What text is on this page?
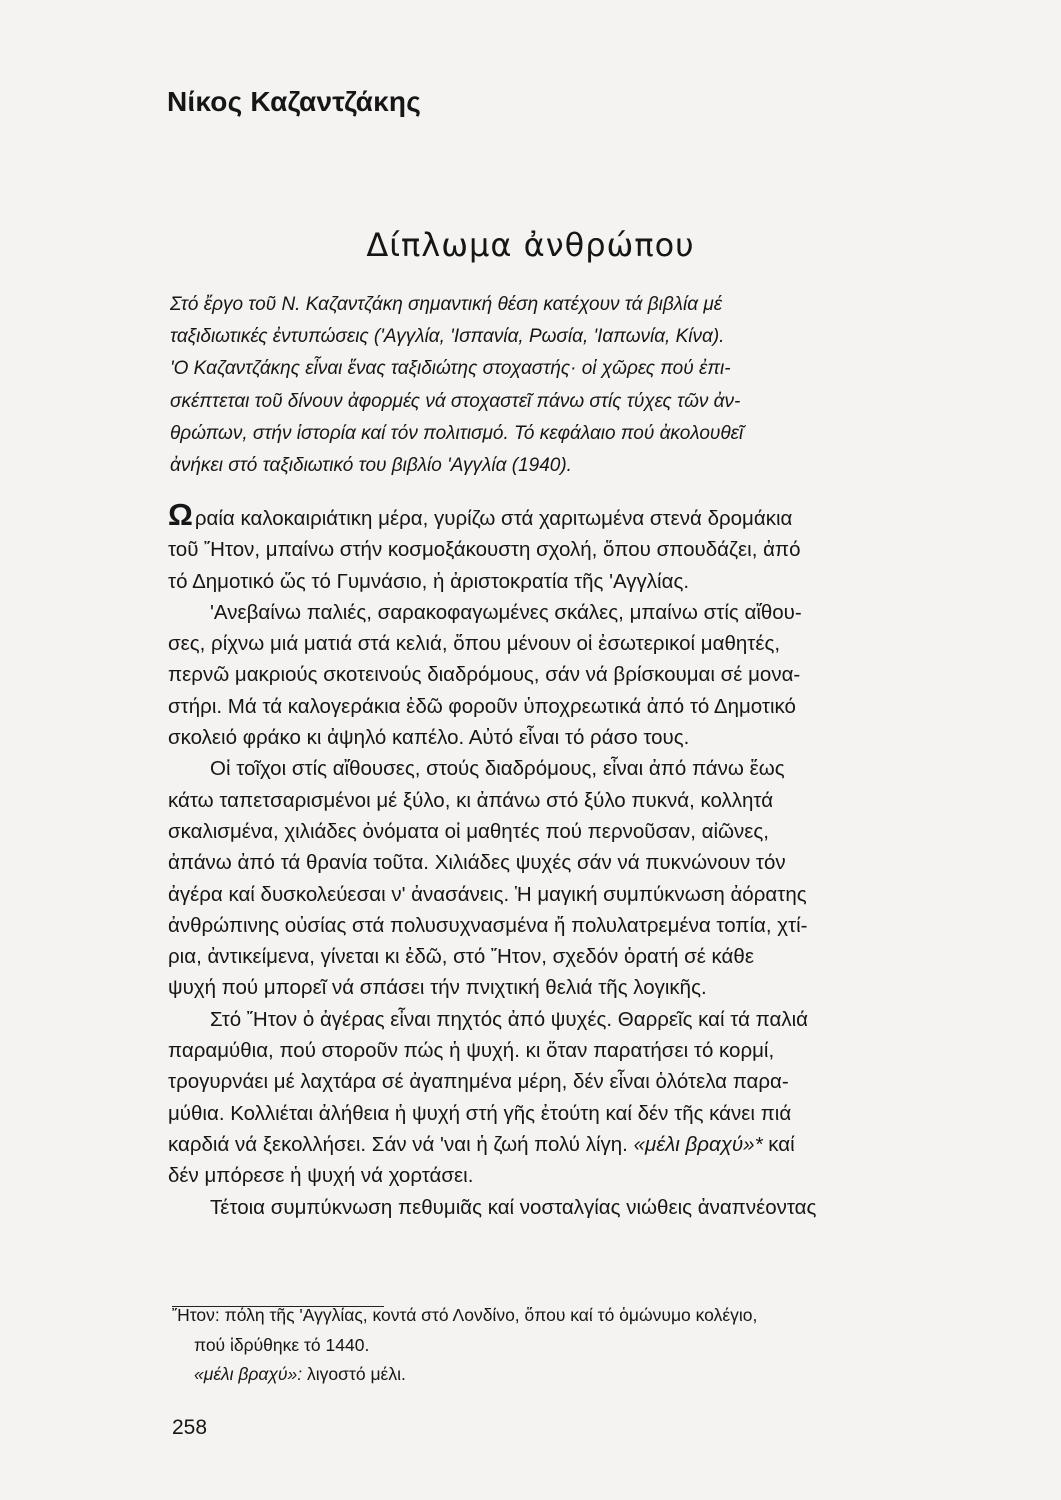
Νίκος Καζαντζάκης
Δίπλωμα ἀνθρώπου

Στό ἔργο τοῦ Ν. Καζαντζάκη σημαντική θέση κατέχουν τά βιβλία μέ
ταξιδιωτικές ἐντυπώσεις ('Αγγλία, 'Ισπανία, Ρωσία, 'Ιαπωνία, Κίνα).
'Ο Καζαντζάκης εἶναι ἕνας ταξιδιώτης στοχαστής· οἱ χῶρες πού ἐπι-
σκέπτεται τοῦ δίνουν ἀφορμές νά στοχαστεῖ πάνω στίς τύχες τῶν ἀν-
θρώπων, στήν ἱστορία καί τόν πολιτισμό. Τό κεφάλαιο πού ἀκολουθεῖ
ἀνήκει στό ταξιδιωτικό του βιβλίο 'Αγγλία (1940).

Ωραία καλοκαιριάτικη μέρα, γυρίζω στά χαριτωμένα στενά δρομάκια
τοῦ Ἤτον, μπαίνω στήν κοσμοξάκουστη σχολή, ὅπου σπουδάζει, ἀπό
τό Δημοτικό ὥς τό Γυμνάσιο, ἡ ἀριστοκρατία τῆς 'Αγγλίας.
'Ανεβαίνω παλιές, σαρακοφαγωμένες σκάλες, μπαίνω στίς αἴθου-
σες, ρίχνω μιά ματιά στά κελιά, ὅπου μένουν οἱ ἐσωτερικοί μαθητές,
περνῶ μακριούς σκοτεινούς διαδρόμους, σάν νά βρίσκουμαι σέ μονα-
στήρι. Μά τά καλογεράκια ἐδῶ φοροῦν ὑποχρεωτικά ἀπό τό Δημοτικό
σκολειό φράκο κι ἀψηλό καπέλο. Αὐτό εἶναι τό ράσο τους.
Οἱ τοῖχοι στίς αἴθουσες, στούς διαδρόμους, εἶναι ἀπό πάνω ἕως
κάτω ταπετσαρισμένοι μέ ξύλο, κι ἀπάνω στό ξύλο πυκνά, κολλητά
σκαλισμένα, χιλιάδες ὀνόματα οἱ μαθητές πού περνοῦσαν, αἰῶνες,
ἀπάνω ἀπό τά θρανία τοῦτα. Χιλιάδες ψυχές σάν νά πυκνώνουν τόν
ἀγέρα καί δυσκολεύεσαι ν' ἀνασάνεις. Ἡ μαγική συμπύκνωση ἀόρατης
ἀνθρώπινης οὐσίας στά πολυσυχνασμένα ἤ πολυλατρεμένα τοπία, χτί-
ρια, ἀντικείμενα, γίνεται κι ἐδῶ, στό Ἤτον, σχεδόν ὁρατή σέ κάθε
ψυχή πού μπορεῖ νά σπάσει τήν πνιχτική θελιά τῆς λογικῆς.
Στό Ἤτον ὁ ἀγέρας εἶναι πηχτός ἀπό ψυχές. Θαρρεῖς καί τά παλιά
παραμύθια, πού στοροῦν πώς ἡ ψυχή. κι ὅταν παρατήσει τό κορμί,
τρογυρνάει μέ λαχτάρα σέ ἀγαπημένα μέρη, δέν εἶναι ὁλότελα παρα-
μύθια. Κολλιέται ἀλήθεια ἡ ψυχή στή γῆς ἐτούτη καί δέν τῆς κάνει πιά
καρδιά νά ξεκολλήσει. Σάν νά 'ναι ἡ ζωή πολύ λίγη. «μέλι βραχύ»* καί
δέν μπόρεσε ἡ ψυχή νά χορτάσει.
Τέτοια συμπύκνωση πεθυμιᾶς καί νοσταλγίας νιώθεις ἀναπνέοντας
Ἤτον: πόλη τῆς 'Αγγλίας, κοντά στό Λονδίνο, ὅπου καί τό ὁμώνυμο κολέγιο,
πού ἱδρύθηκε τό 1440.
«μέλι βραχύ»: λιγοστό μέλι.

258
